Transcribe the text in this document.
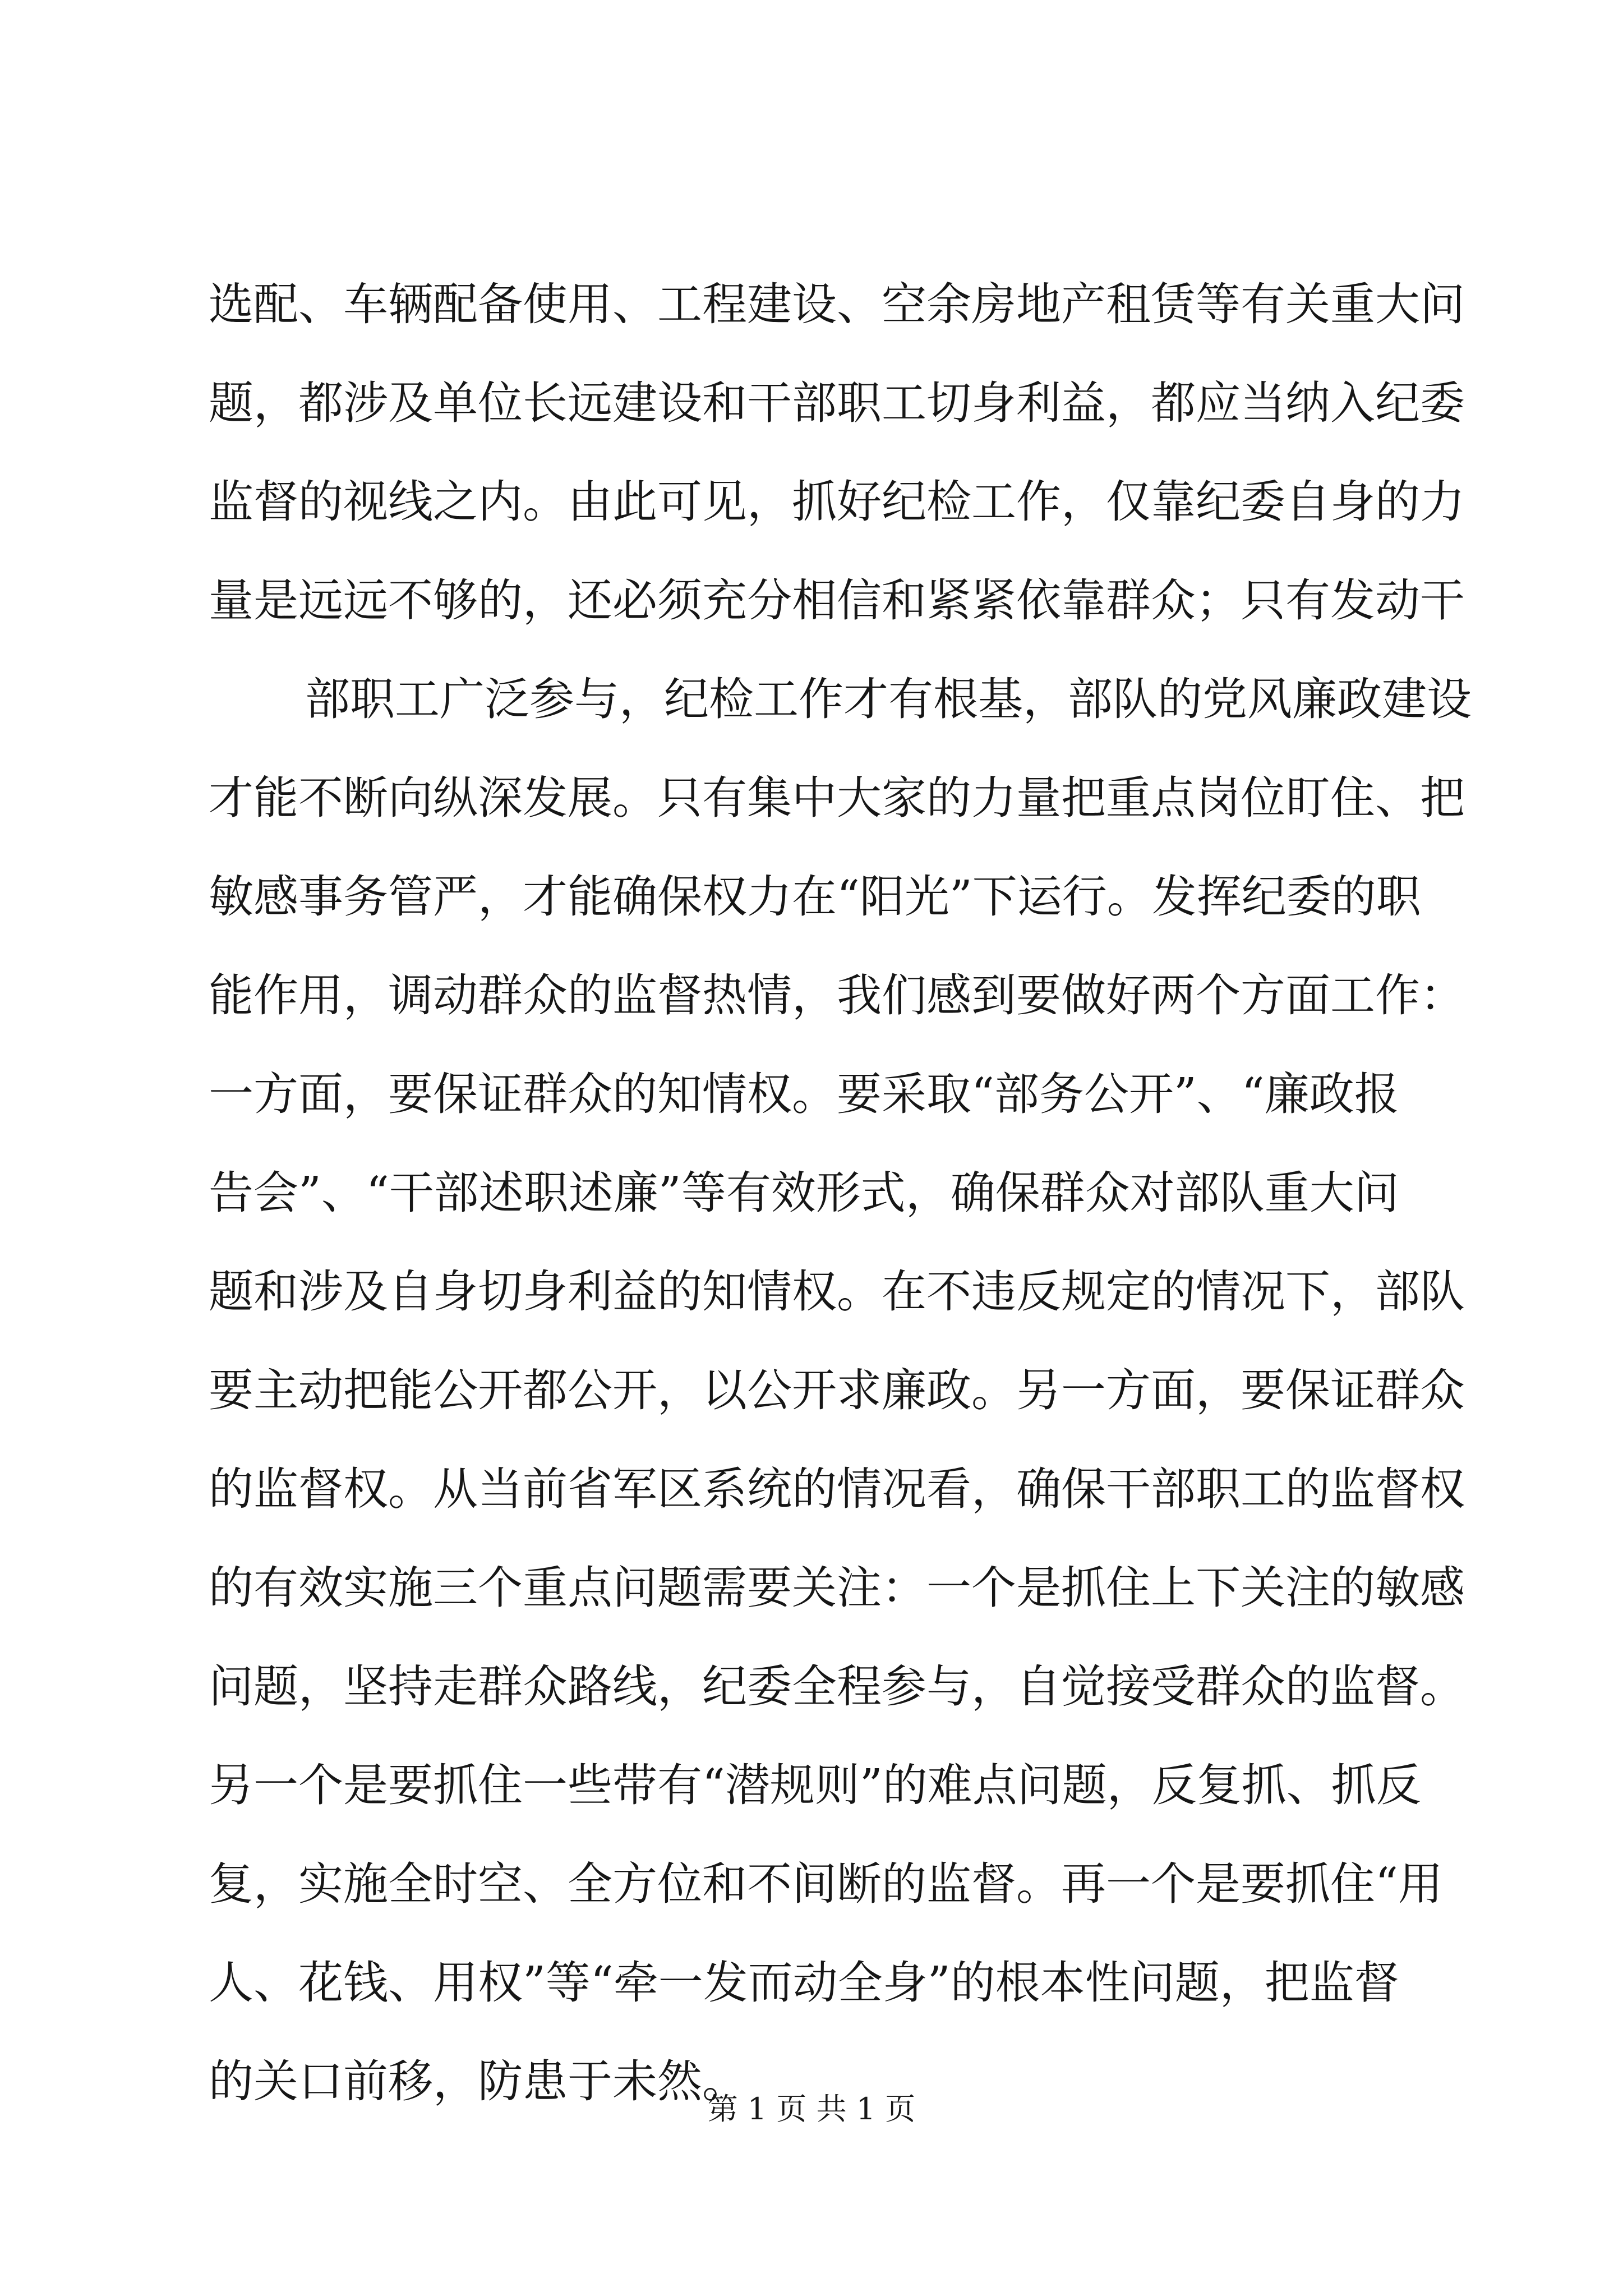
选配、车辆配备使用、工程建设、空余房地产租赁等有关重大问
题，都涉及单位长远建设和干部职工切身利益，都应当纳入纪委
监督的视线之内。由此可见，抓好纪检工作，仅靠纪委自身的力
量是远远不够的，还必须充分相信和紧紧依靠群众；只有发动干
部职工广泛参与，纪检工作才有根基，部队的党风廉政建设
才能不断向纵深发展。只有集中大家的力量把重点岗位盯住、把
敏感事务管严，才能确保权力在“阳光”下运行。发挥纪委的职
能作用，调动群众的监督热情，我们感到要做好两个方面工作：
一方面，要保证群众的知情权。要采取“部务公开”、“廉政报
告会”、“干部述职述廉”等有效形式，确保群众对部队重大问
题和涉及自身切身利益的知情权。在不违反规定的情况下，部队
要主动把能公开都公开，以公开求廉政。另一方面，要保证群众
的监督权。从当前省军区系统的情况看，确保干部职工的监督权
的有效实施三个重点问题需要关注：一个是抓住上下关注的敏感
问题，坚持走群众路线，纪委全程参与，自觉接受群众的监督。
另一个是要抓住一些带有“潜规则”的难点问题，反复抓、抓反
复，实施全时空、全方位和不间断的监督。再一个是要抓住“用
人、花钱、用权”等“牵一发而动全身”的根本性问题，把监督
的关口前移，防患于未然。
第 1 页 共 1 页
